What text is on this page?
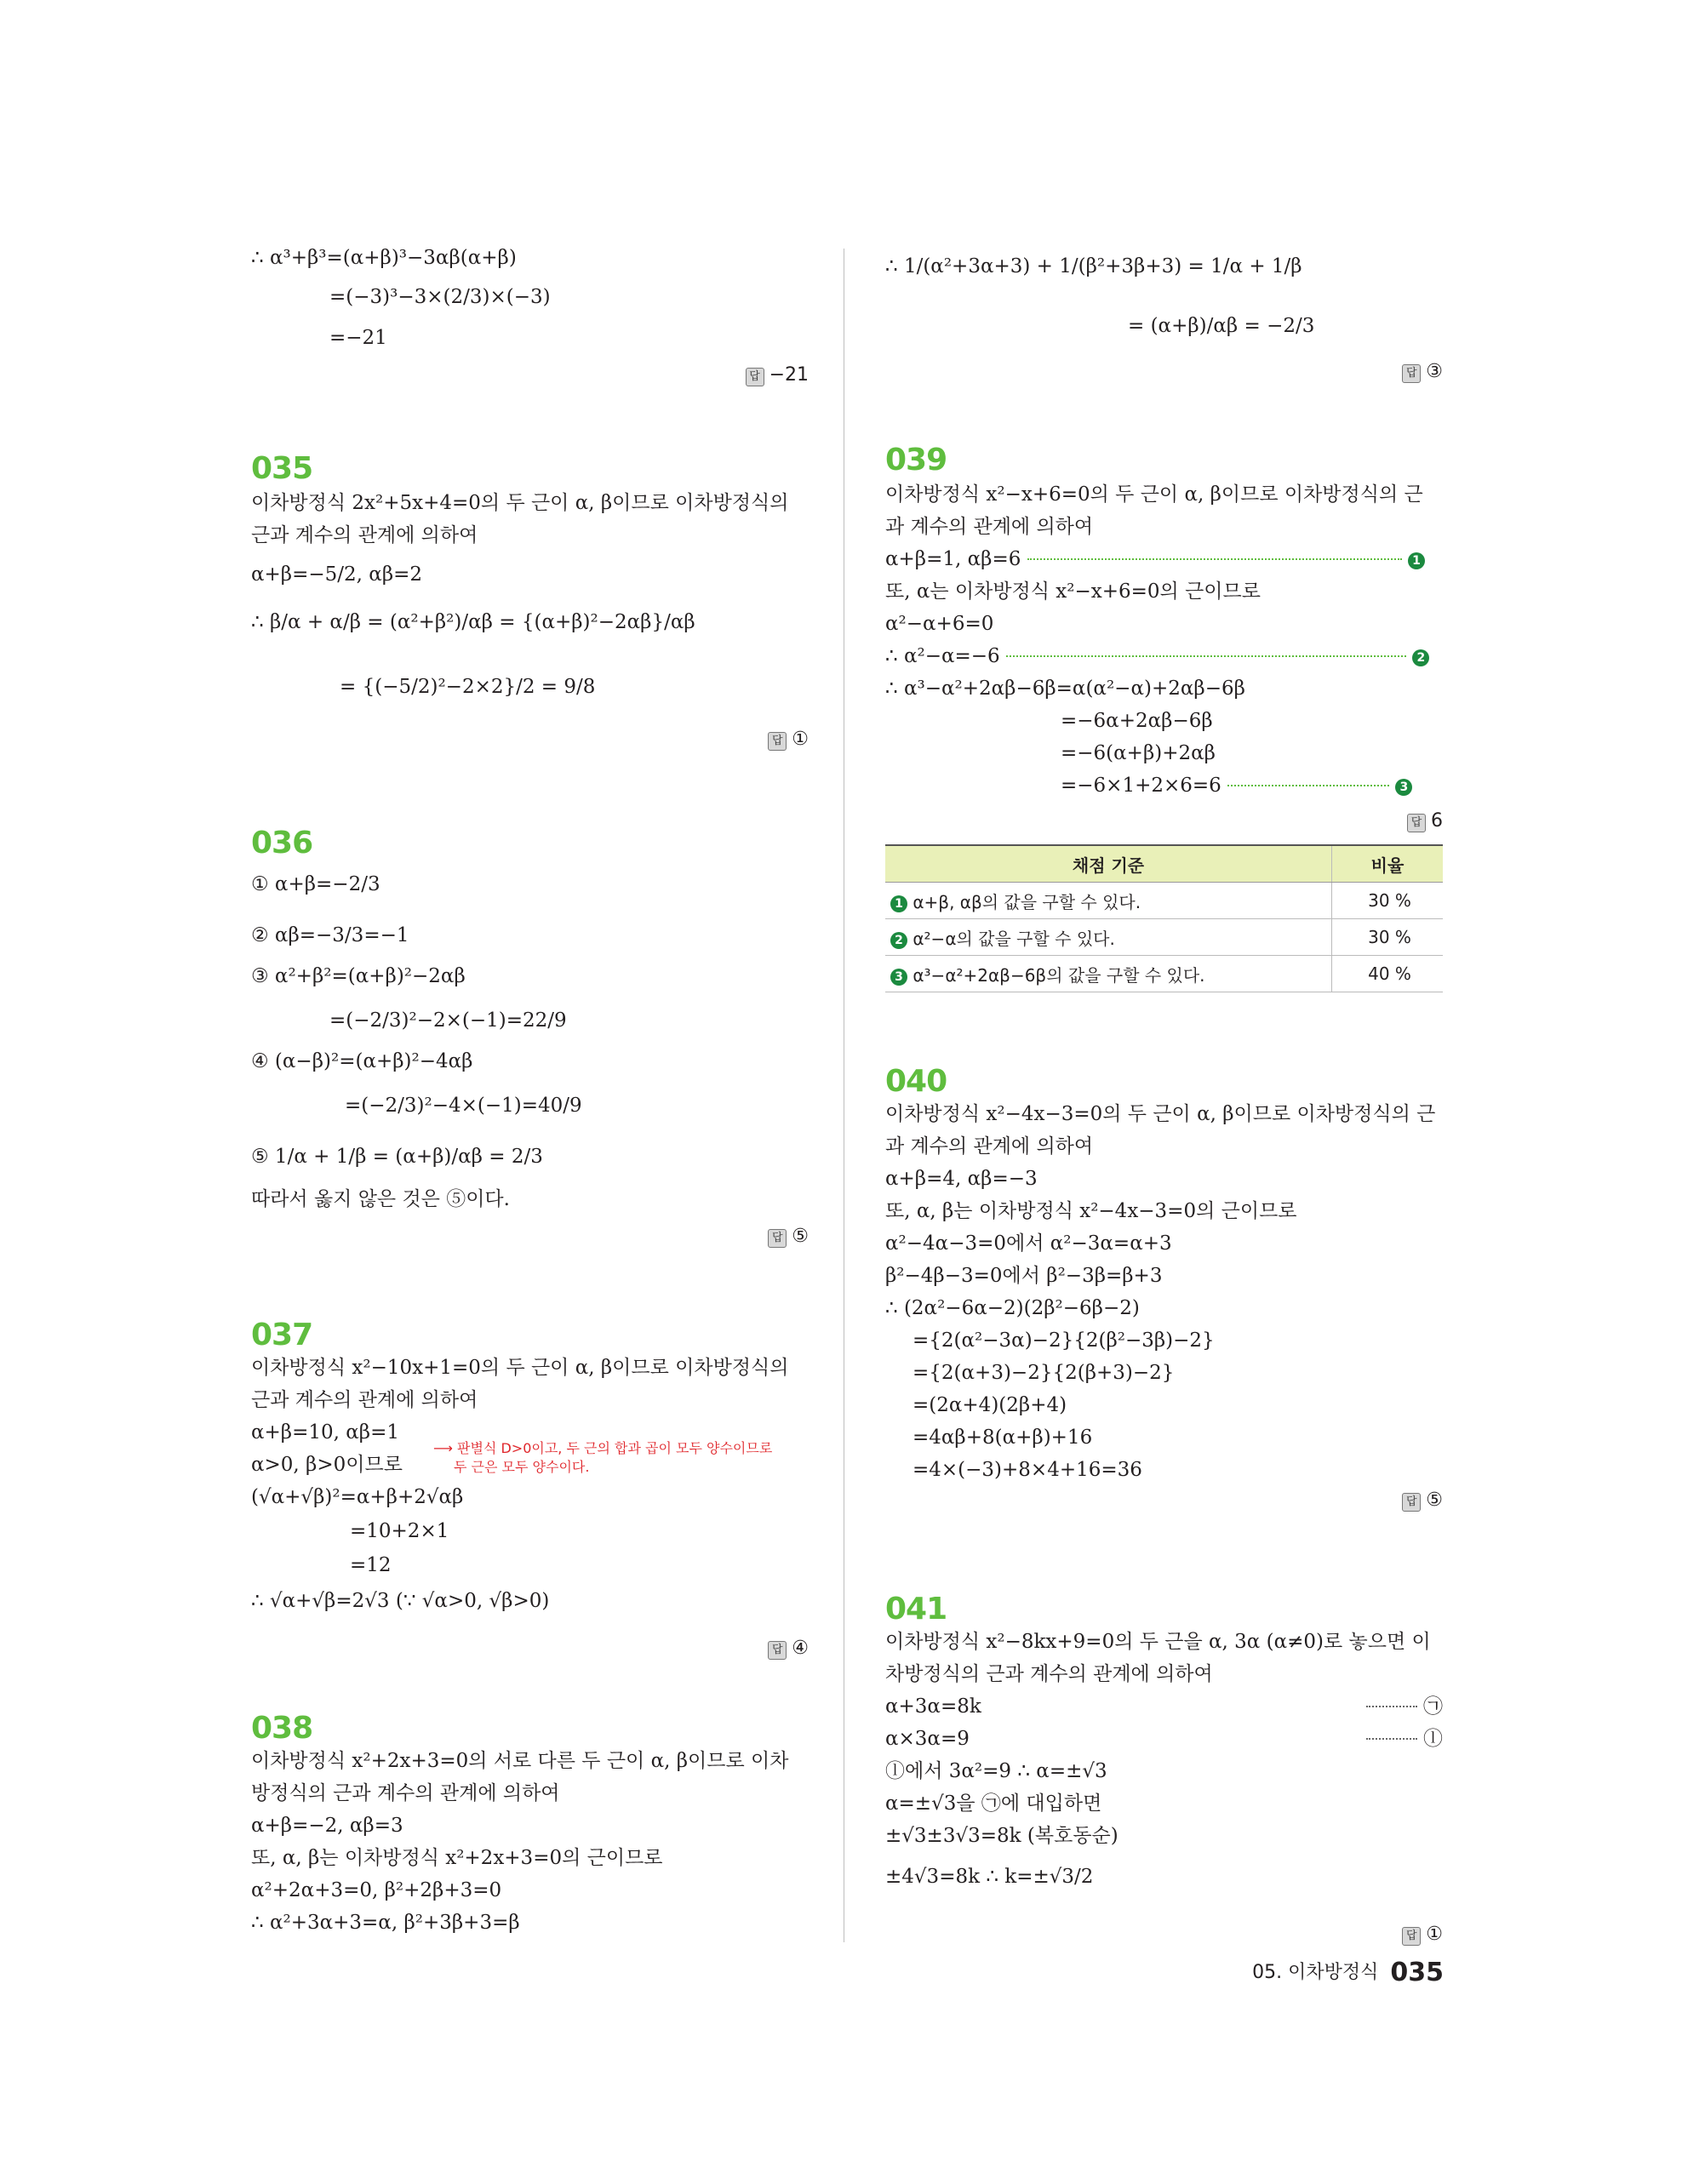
∴ α³+β³=(α+β)³−3αβ(α+β)
=(−3)³−3×(2/3)×(−3)
=−21
답 −21
035
이차방정식 2x²+5x+4=0의 두 근이 α, β이므로 이차방정식의
근과 계수의 관계에 의하여
α+β=−5/2, αβ=2
∴ β/α + α/β = (α²+β²)/αβ = {(α+β)²−2αβ}/αβ
= {(−5/2)²−2×2}/2 = 9/8
답 ①
036
① α+β=−2/3
② αβ=−3/3=−1
③ α²+β²=(α+β)²−2αβ
=(−2/3)²−2×(−1)=22/9
④ (α−β)²=(α+β)²−4αβ
=(−2/3)²−4×(−1)=40/9
⑤ 1/α + 1/β = (α+β)/αβ = 2/3
따라서 옳지 않은 것은 ⑤이다.
답 ⑤
037
이차방정식 x²−10x+1=0의 두 근이 α, β이므로 이차방정식의
근과 계수의 관계에 의하여
α+β=10, αβ=1
α>0, β>0이므로
⟶ 판별식 D>0이고, 두 근의 합과 곱이 모두 양수이므로
두 근은 모두 양수이다.
(√α+√β)²=α+β+2√αβ
=10+2×1
=12
∴ √α+√β=2√3 (∵ √α>0, √β>0)
답 ④
038
이차방정식 x²+2x+3=0의 서로 다른 두 근이 α, β이므로 이차
방정식의 근과 계수의 관계에 의하여
α+β=−2, αβ=3
또, α, β는 이차방정식 x²+2x+3=0의 근이므로
α²+2α+3=0, β²+2β+3=0
∴ α²+3α+3=α, β²+3β+3=β
∴ 1/(α²+3α+3) + 1/(β²+3β+3) = 1/α + 1/β
= (α+β)/αβ = −2/3
답 ③
039
이차방정식 x²−x+6=0의 두 근이 α, β이므로 이차방정식의 근
과 계수의 관계에 의하여
α+β=1, αβ=6	1
또, α는 이차방정식 x²−x+6=0의 근이므로
α²−α+6=0
∴ α²−α=−6	2
∴ α³−α²+2αβ−6β=α(α²−α)+2αβ−6β
=−6α+2αβ−6β
=−6(α+β)+2αβ
=−6×1+2×6=6	3
답 6
채점 기준	비율
1 α+β, αβ의 값을 구할 수 있다.	30 %
2 α²−α의 값을 구할 수 있다.	30 %
3 α³−α²+2αβ−6β의 값을 구할 수 있다.	40 %
040
이차방정식 x²−4x−3=0의 두 근이 α, β이므로 이차방정식의 근
과 계수의 관계에 의하여
α+β=4, αβ=−3
또, α, β는 이차방정식 x²−4x−3=0의 근이므로
α²−4α−3=0에서 α²−3α=α+3
β²−4β−3=0에서 β²−3β=β+3
∴ (2α²−6α−2)(2β²−6β−2)
={2(α²−3α)−2}{2(β²−3β)−2}
={2(α+3)−2}{2(β+3)−2}
=(2α+4)(2β+4)
=4αβ+8(α+β)+16
=4×(−3)+8×4+16=36
답 ⑤
041
이차방정식 x²−8kx+9=0의 두 근을 α, 3α (α≠0)로 놓으면 이
차방정식의 근과 계수의 관계에 의하여
α+3α=8k	㉠
α×3α=9	ⓛ
ⓛ에서 3α²=9 ∴ α=±√3
α=±√3을 ㉠에 대입하면
±√3±3√3=8k (복호동순)
±4√3=8k ∴ k=±√3/2
답 ①
05. 이차방정식 035
